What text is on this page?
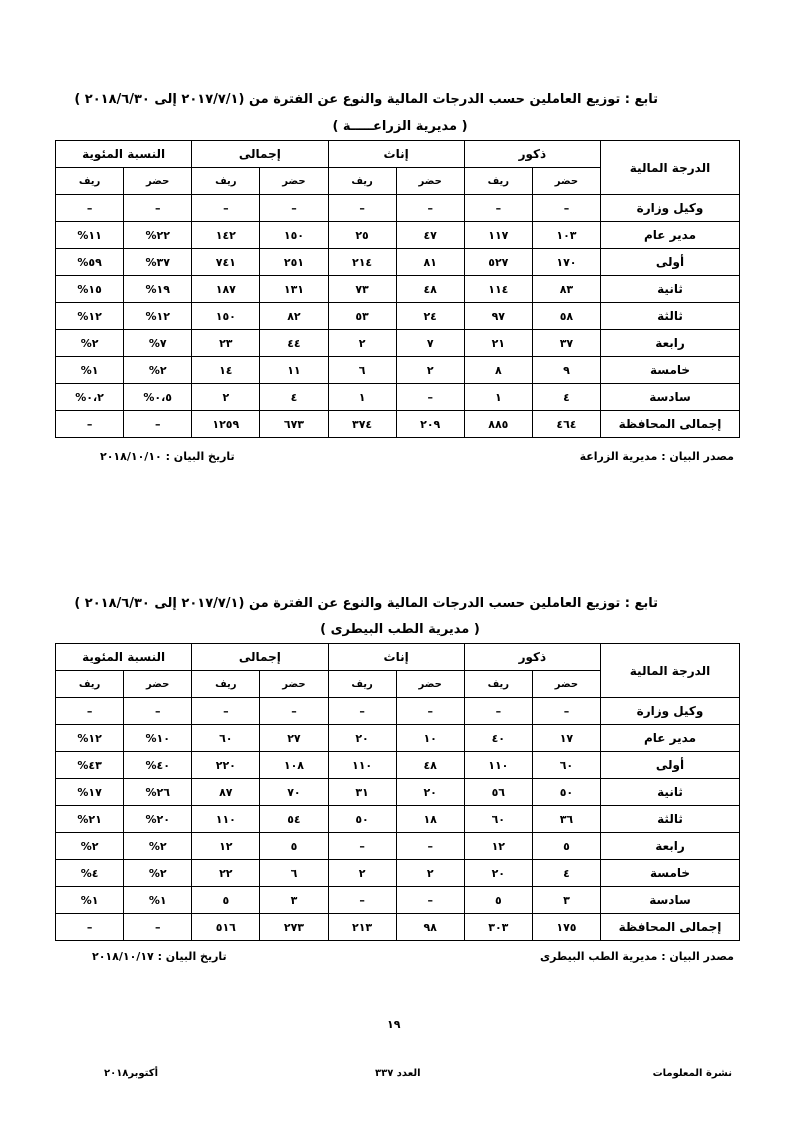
تابع : توزيع العاملين حسب الدرجات المالية والنوع عن الفترة من (٢٠١٧/٧/١ إلى ٢٠١٨/٦/٣٠ )
( مديرية الزراعـــــة )
الدرجة المالية	ذكور		إناث		إجمالى		النسبة المئوية	
	حضر	ريف	حضر	ريف	حضر	ريف	حضر	ريف
وكيل وزارة	–	–	–	–	–	–	–	–
مدير عام	١٠٣	١١٧	٤٧	٢٥	١٥٠	١٤٢	٢٢%	١١%
أولى	١٧٠	٥٢٧	٨١	٢١٤	٢٥١	٧٤١	٣٧%	٥٩%
ثانية	٨٣	١١٤	٤٨	٧٣	١٣١	١٨٧	١٩%	١٥%
ثالثة	٥٨	٩٧	٢٤	٥٣	٨٢	١٥٠	١٢%	١٢%
رابعة	٣٧	٢١	٧	٢	٤٤	٢٣	٧%	٢%
خامسة	٩	٨	٢	٦	١١	١٤	٢%	١%
سادسة	٤	١	–	١	٤	٢	٠،٥%	٠،٢%
إجمالى المحافظة	٤٦٤	٨٨٥	٢٠٩	٣٧٤	٦٧٣	١٢٥٩	–	–
مصدر البيان : مديرية الزراعة
تاريخ البيان : ٢٠١٨/١٠/١٠
تابع : توزيع العاملين حسب الدرجات المالية والنوع عن الفترة من (٢٠١٧/٧/١ إلى ٢٠١٨/٦/٣٠ )
( مديرية الطب البيطرى )
الدرجة المالية	ذكور		إناث		إجمالى		النسبة المئوية	
	حضر	ريف	حضر	ريف	حضر	ريف	حضر	ريف
وكيل وزارة	–	–	–	–	–	–	–	–
مدير عام	١٧	٤٠	١٠	٢٠	٢٧	٦٠	١٠%	١٢%
أولى	٦٠	١١٠	٤٨	١١٠	١٠٨	٢٢٠	٤٠%	٤٣%
ثانية	٥٠	٥٦	٢٠	٣١	٧٠	٨٧	٢٦%	١٧%
ثالثة	٣٦	٦٠	١٨	٥٠	٥٤	١١٠	٢٠%	٢١%
رابعة	٥	١٢	–	–	٥	١٢	٢%	٢%
خامسة	٤	٢٠	٢	٢	٦	٢٢	٢%	٤%
سادسة	٣	٥	–	–	٣	٥	١%	١%
إجمالى المحافظة	١٧٥	٣٠٣	٩٨	٢١٣	٢٧٣	٥١٦	–	–
مصدر البيان : مديرية الطب البيطرى
تاريخ البيان : ٢٠١٨/١٠/١٧
١٩
نشرة المعلومات
العدد ٣٣٧
أكتوبر٢٠١٨
